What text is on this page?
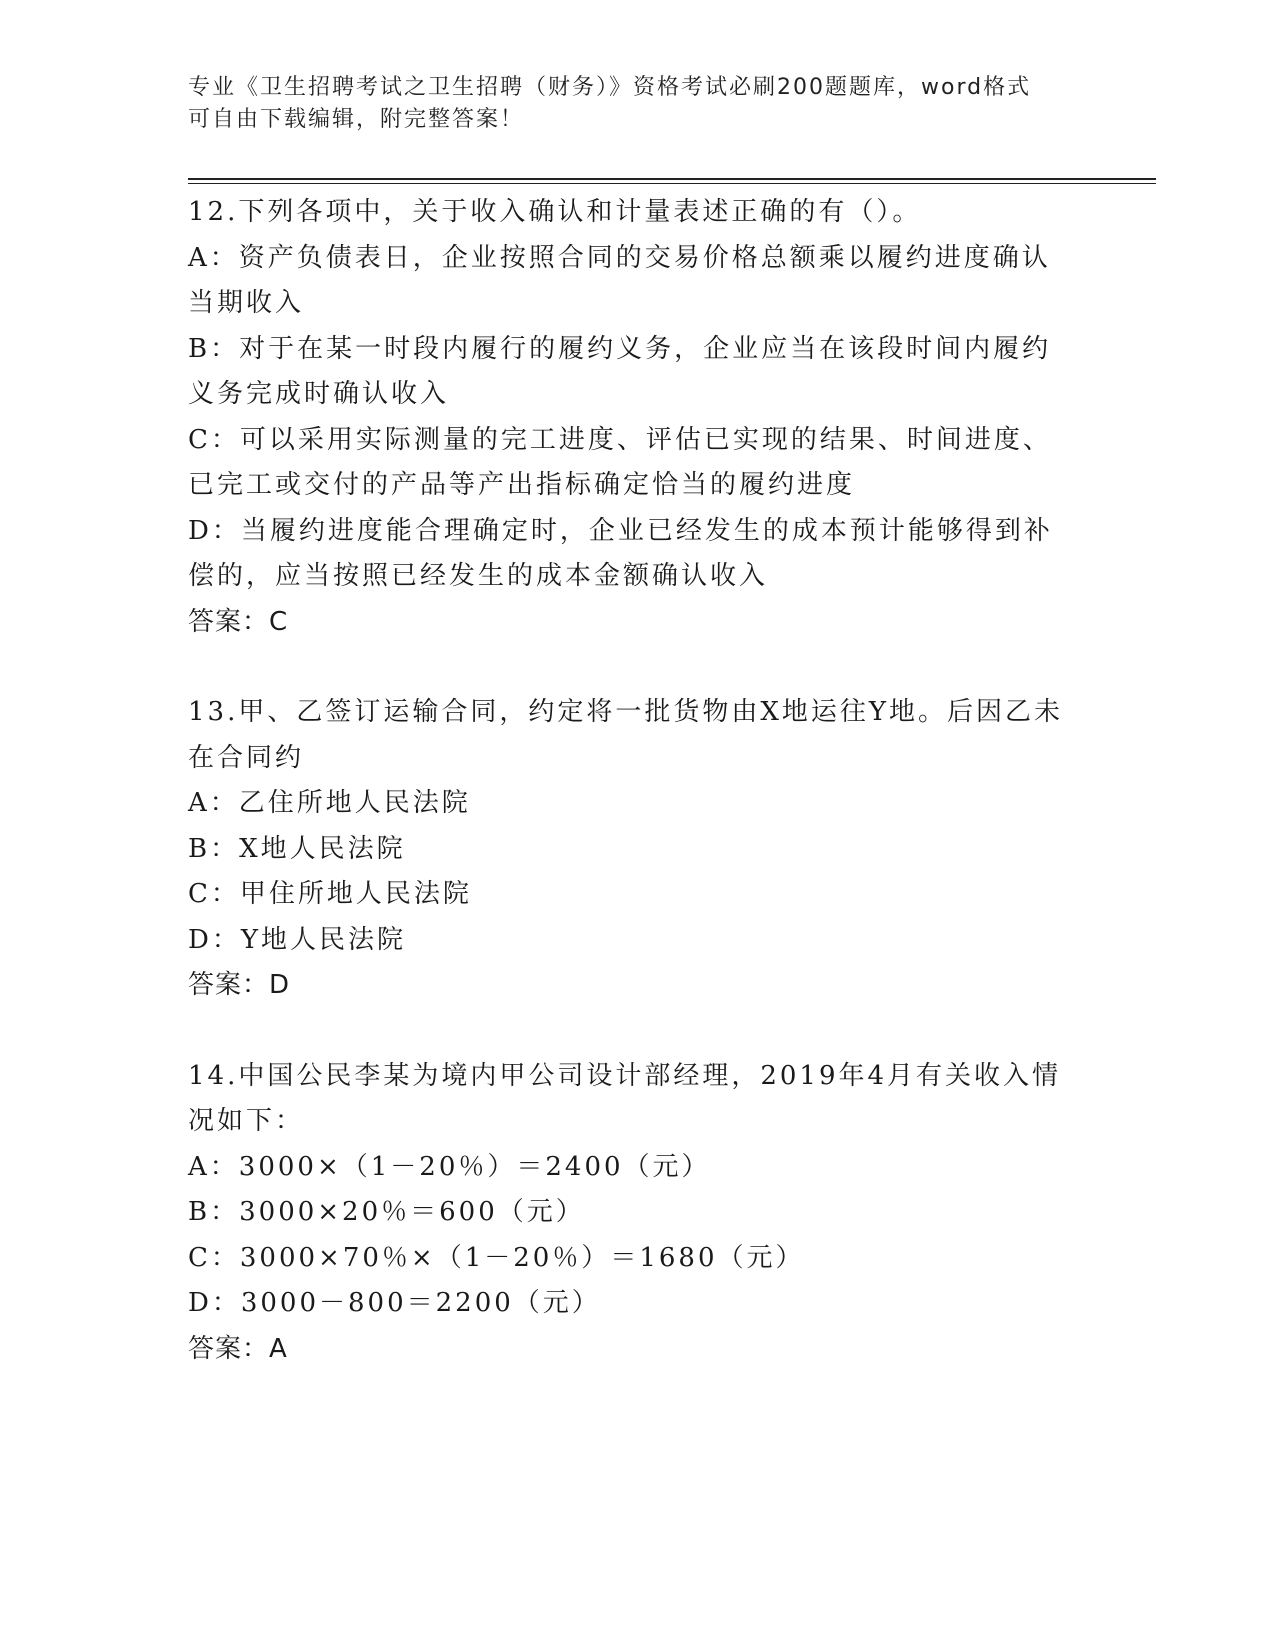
专业《卫生招聘考试之卫生招聘（财务）》资格考试必刷200题题库，word格式
可自由下载编辑，附完整答案！

12.下列各项中，关于收入确认和计量表述正确的有（）。

A：资产负债表日，企业按照合同的交易价格总额乘以履约进度确认当期收入

B：对于在某一时段内履行的履约义务，企业应当在该段时间内履约义务完成时确认收入

C：可以采用实际测量的完工进度、评估已实现的结果、时间进度、已完工或交付的产品等产出指标确定恰当的履约进度

D：当履约进度能合理确定时，企业已经发生的成本预计能够得到补偿的，应当按照已经发生的成本金额确认收入

答案：C

13.甲、乙签订运输合同，约定将一批货物由X地运往Y地。后因乙未在合同约

A：乙住所地人民法院

B：X地人民法院

C：甲住所地人民法院

D：Y地人民法院

答案：D

14.中国公民李某为境内甲公司设计部经理，2019年4月有关收入情况如下：

A：3000×（1－20％）＝2400（元）

B：3000×20％＝600（元）

C：3000×70％×（1－20％）＝1680（元）

D：3000－800＝2200（元）

答案：A
